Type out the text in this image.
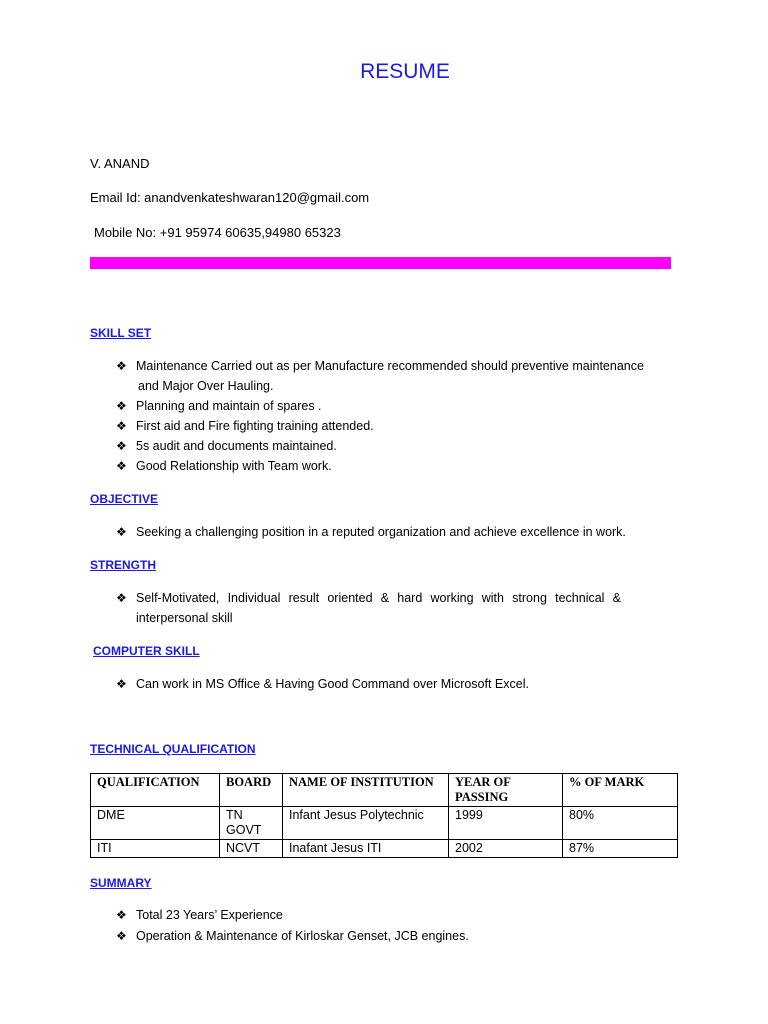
RESUME
V. ANAND
Email Id: anandvenkateshwaran120@gmail.com
Mobile No: +91 95974 60635,94980 65323
SKILL SET
❖ Maintenance Carried out as per Manufacture recommended should preventive maintenance
and Major Over Hauling.
❖ Planning and maintain of spares .
❖ First aid and Fire fighting training attended.
❖ 5s audit and documents maintained.
❖ Good Relationship with Team work.
OBJECTIVE
❖ Seeking a challenging position in a reputed organization and achieve excellence in work.
STRENGTH
❖ Self-Motivated, Individual result oriented & hard working with strong technical &
interpersonal skill
COMPUTER SKILL
❖ Can work in MS Office & Having Good Command over Microsoft Excel.
TECHNICAL QUALIFICATION
QUALIFICATION	BOARD	NAME OF INSTITUTION	YEAR OF PASSING	% OF MARK
DME	TN GOVT	Infant Jesus Polytechnic	1999	80%
ITI	NCVT	Inafant Jesus ITI	2002	87%
SUMMARY
❖ Total 23 Years’ Experience
❖ Operation & Maintenance of Kirloskar Genset, JCB engines.
